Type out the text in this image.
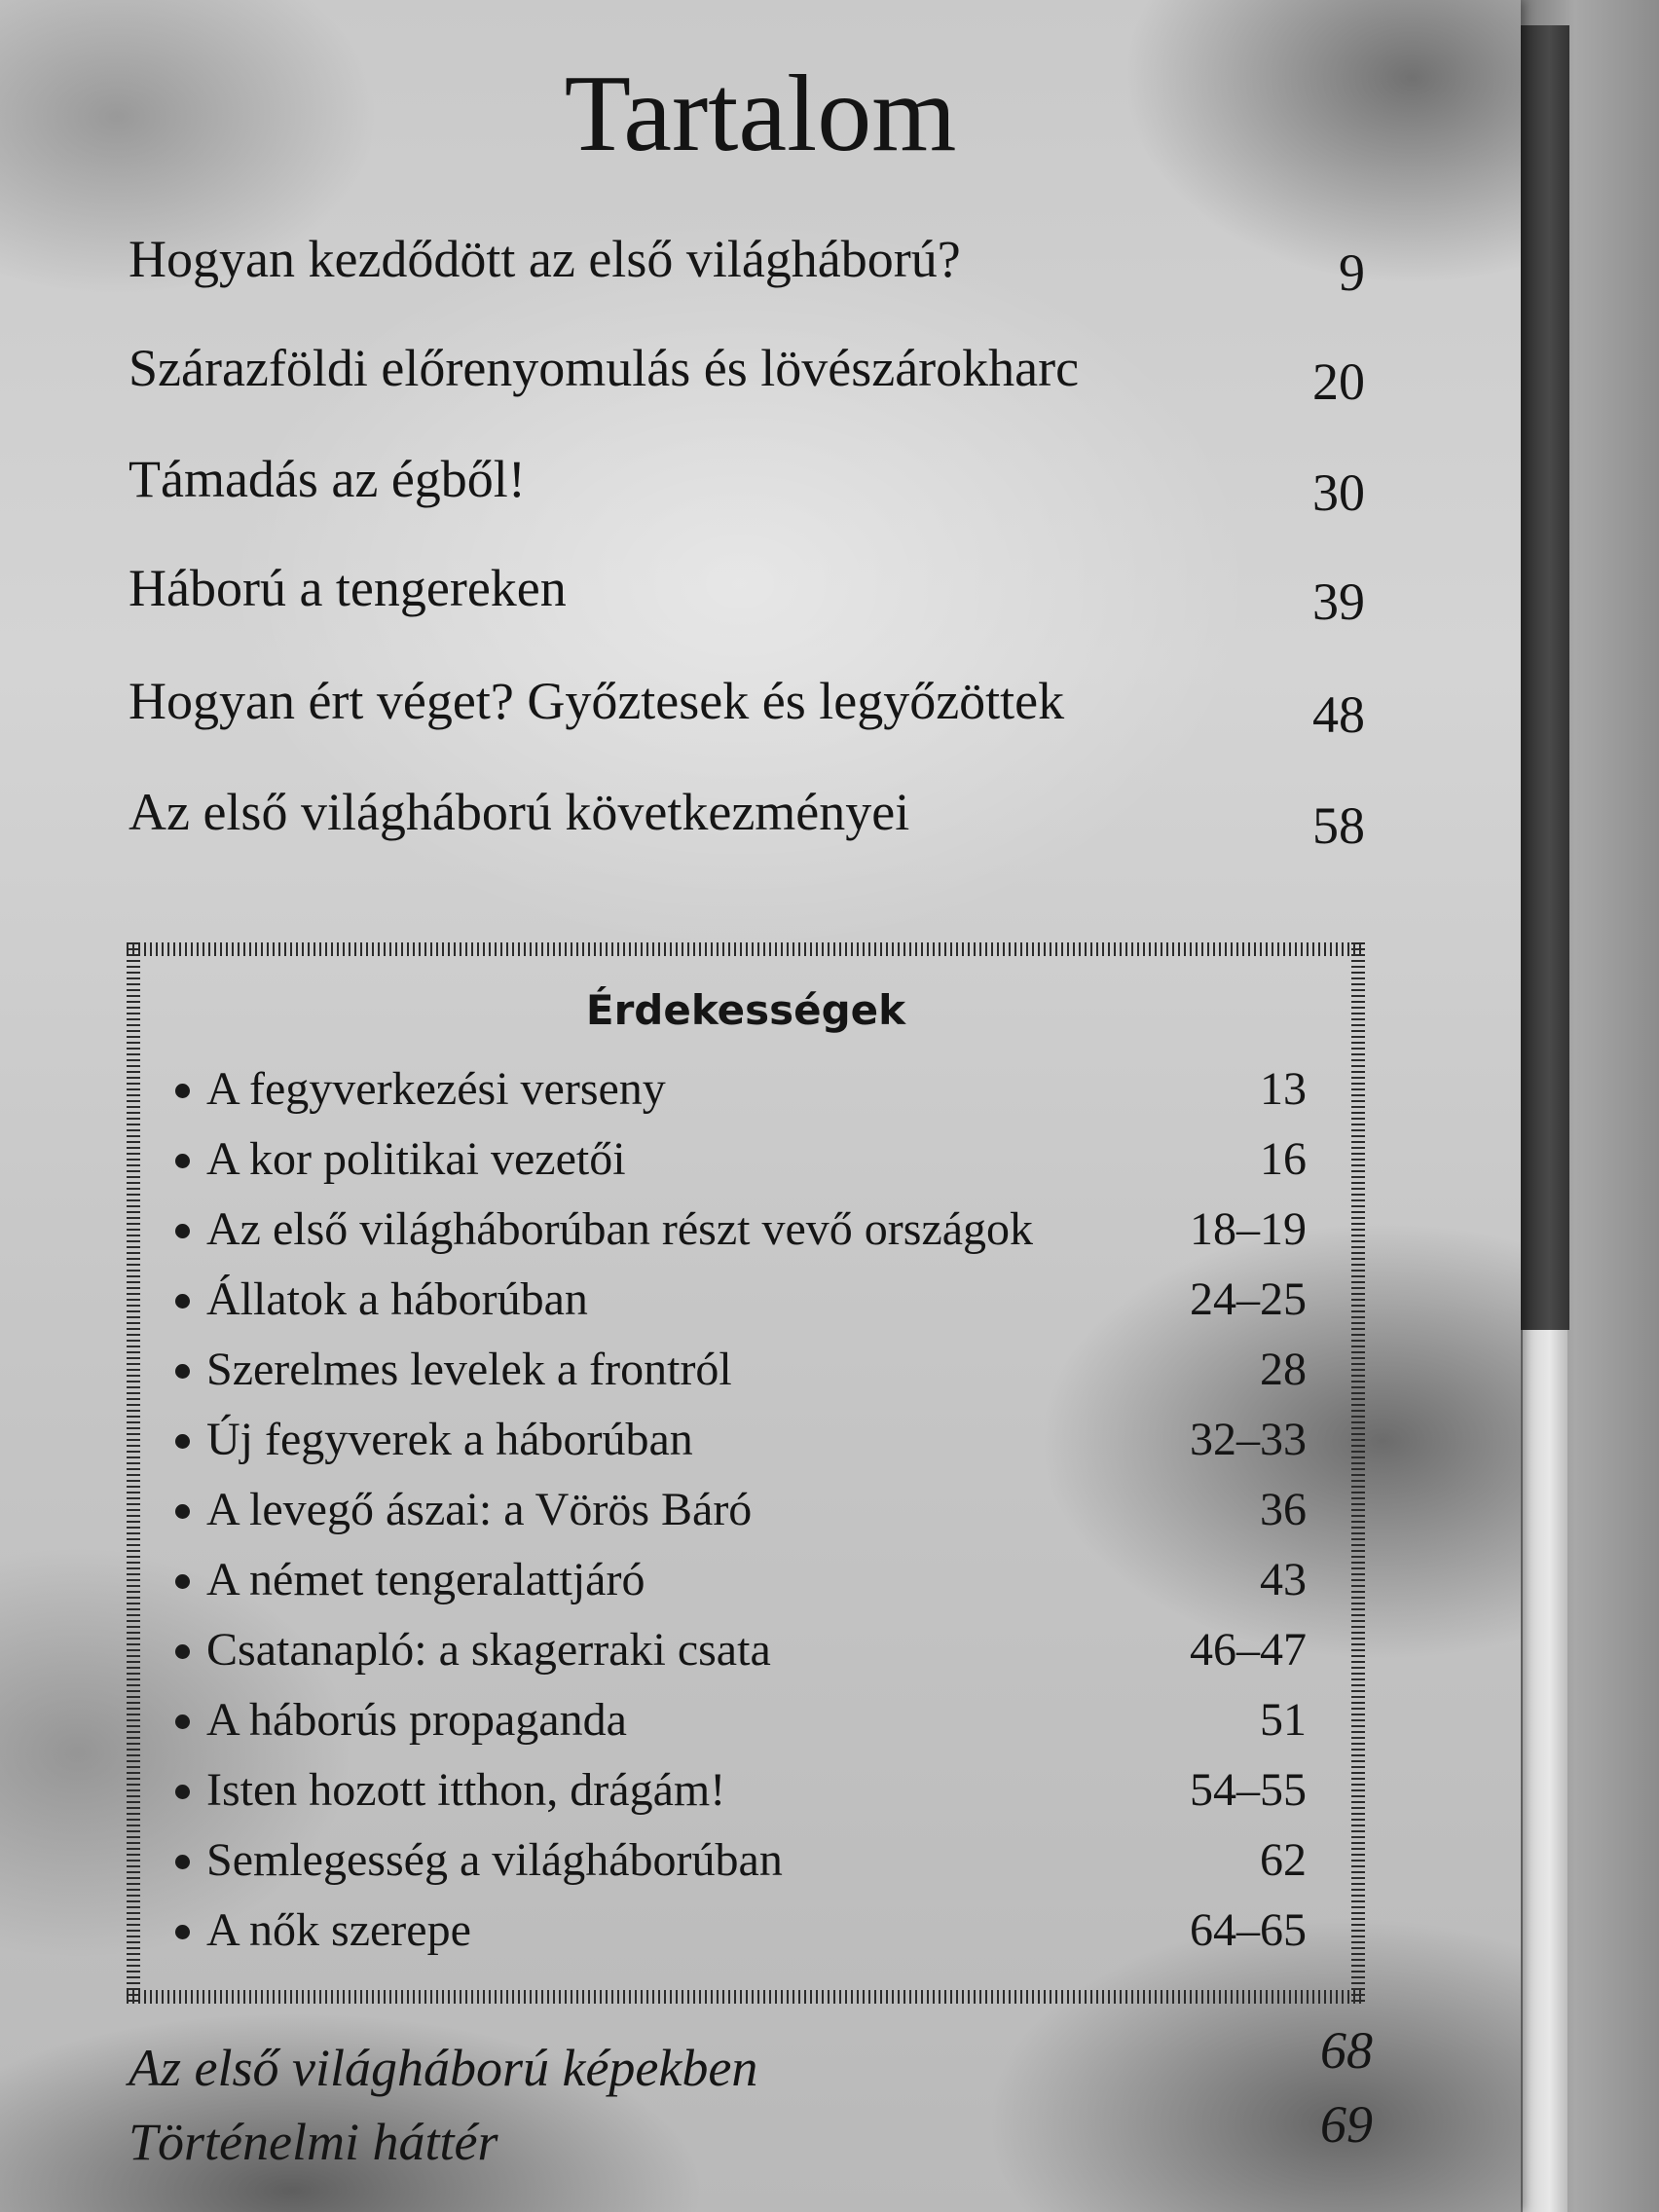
Tartalom
Hogyan kezdődött az első világháború?	9
Szárazföldi előrenyomulás és lövészárokharc	20
Támadás az égből!	30
Háború a tengereken	39
Hogyan ért véget? Győztesek és legyőzöttek	48
Az első világháború következményei	58
Érdekességek
A fegyverkezési verseny	13
A kor politikai vezetői	16
Az első világháborúban részt vevő országok	18–19
Állatok a háborúban	24–25
Szerelmes levelek a frontról	28
Új fegyverek a háborúban	32–33
A levegő ászai: a Vörös Báró	36
A német tengeralattjáró	43
Csatanapló: a skagerraki csata	46–47
A háborús propaganda	51
Isten hozott itthon, drágám!	54–55
Semlegesség a világháborúban	62
A nők szerepe	64–65
Az első világháború képekben	68
Történelmi háttér	69
